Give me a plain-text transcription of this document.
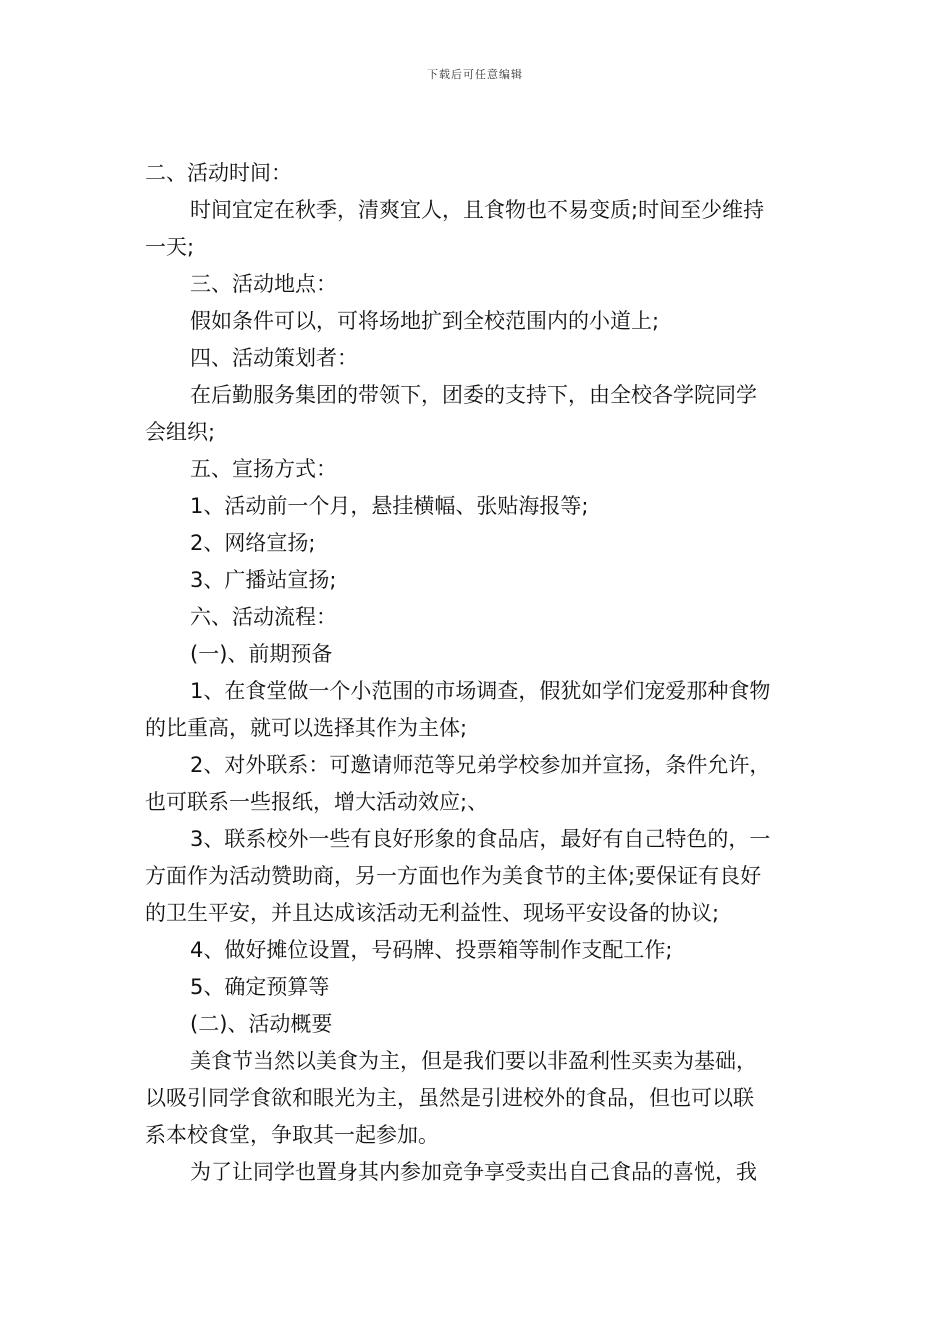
下载后可任意编辑

二、活动时间：

时间宜定在秋季，清爽宜人，且食物也不易变质;时间至少维持

一天;

三、活动地点：

假如条件可以，可将场地扩到全校范围内的小道上;

四、活动策划者：

在后勤服务集团的带领下，团委的支持下，由全校各学院同学

会组织;

五、宣扬方式：

1、活动前一个月，悬挂横幅、张贴海报等;

2、网络宣扬;

3、广播站宣扬;

六、活动流程：

(一)、前期预备

1、在食堂做一个小范围的市场调查，假犹如学们宠爱那种食物

的比重高，就可以选择其作为主体;

2、对外联系：可邀请师范等兄弟学校参加并宣扬，条件允许，

也可联系一些报纸，增大活动效应;、

3、联系校外一些有良好形象的食品店，最好有自己特色的，一

方面作为活动赞助商，另一方面也作为美食节的主体;要保证有良好

的卫生平安，并且达成该活动无利益性、现场平安设备的协议;

4、做好摊位设置，号码牌、投票箱等制作支配工作;

5、确定预算等

(二)、活动概要

美食节当然以美食为主，但是我们要以非盈利性买卖为基础，

以吸引同学食欲和眼光为主，虽然是引进校外的食品，但也可以联

系本校食堂，争取其一起参加。

为了让同学也置身其内参加竞争享受卖出自己食品的喜悦，我
